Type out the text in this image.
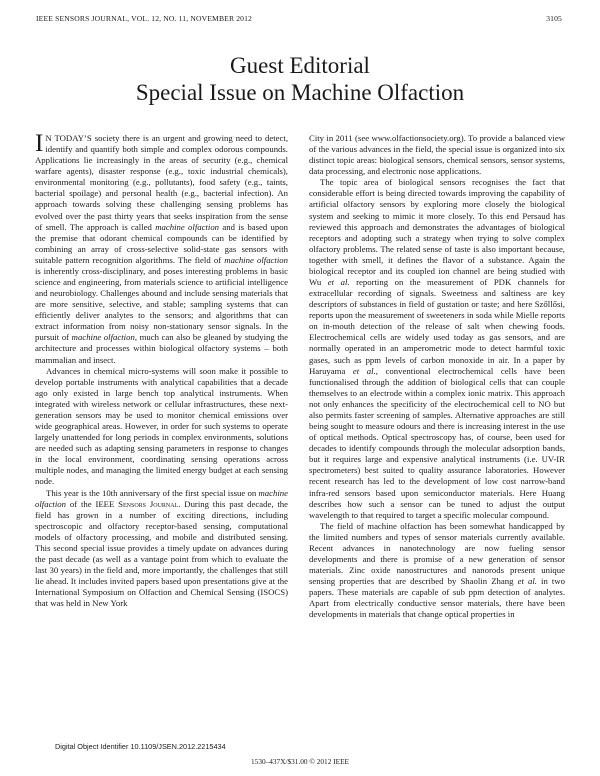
IEEE SENSORS JOURNAL, VOL. 12, NO. 11, NOVEMBER 2012	3105
Guest Editorial
Special Issue on Machine Olfaction

I N TODAY’S society there is an urgent and growing need to detect, identify and quantify both simple and complex odorous compounds. Applications lie increasingly in the areas of security (e.g., chemical warfare agents), disaster response (e.g., toxic industrial chemicals), environmental monitoring (e.g., pollutants), food safety (e.g., taints, bacterial spoilage) and personal health (e.g., bacterial infection). An approach towards solving these challenging sensing problems has evolved over the past thirty years that seeks inspiration from the sense of smell. The approach is called machine olfaction and is based upon the premise that odorant chemical compounds can be identified by combining an array of cross-selective solid-state gas sensors with suitable pattern recognition algorithms. The field of machine olfaction is inherently cross-disciplinary, and poses interesting problems in basic science and engineering, from materials science to artificial intelligence and neurobiology. Challenges abound and include sensing materials that are more sensitive, selective, and stable; sampling systems that can efficiently deliver analytes to the sensors; and algorithms that can extract information from noisy non-stationary sensor signals. In the pursuit of machine olfaction, much can also be gleaned by studying the architecture and processes within biological olfactory systems – both mammalian and insect.

Advances in chemical micro-systems will soon make it possible to develop portable instruments with analytical capabilities that a decade ago only existed in large bench top analytical instruments. When integrated with wireless network or cellular infrastructures, these next-generation sensors may be used to monitor chemical emissions over wide geographical areas. However, in order for such systems to operate largely unattended for long periods in complex environments, solutions are needed such as adapting sensing parameters in response to changes in the local environment, coordinating sensing operations across multiple nodes, and managing the limited energy budget at each sensing node.

This year is the 10th anniversary of the first special issue on machine olfaction of the IEEE Sensors Journal. During this past decade, the field has grown in a number of exciting directions, including spectroscopic and olfactory receptor-based sensing, computational models of olfactory processing, and mobile and distributed sensing. This second special issue provides a timely update on advances during the past decade (as well as a vantage point from which to evaluate the last 30 years) in the field and, more importantly, the challenges that still lie ahead. It includes invited papers based upon presentations give at the International Symposium on Olfaction and Chemical Sensing (ISOCS) that was held in New York

City in 2011 (see www.olfactionsociety.org). To provide a balanced view of the various advances in the field, the special issue is organized into six distinct topic areas: biological sensors, chemical sensors, sensor systems, data processing, and electronic nose applications.

The topic area of biological sensors recognises the fact that considerable effort is being directed towards improving the capability of artificial olfactory sensors by exploring more closely the biological system and seeking to mimic it more closely. To this end Persaud has reviewed this approach and demonstrates the advantages of biological receptors and adopting such a strategy when trying to solve complex olfactory problems. The related sense of taste is also important because, together with smell, it defines the flavor of a substance. Again the biological receptor and its coupled ion channel are being studied with Wu et al. reporting on the measurement of PDK channels for extracellular recording of signals. Sweetness and saltiness are key descriptors of substances in field of gustation or taste; and here Szőllősi, reports upon the measurement of sweeteners in soda while Mielle reports on in-mouth detection of the release of salt when chewing foods. Electrochemical cells are widely used today as gas sensors, and are normally operated in an amperometric mode to detect harmful toxic gases, such as ppm levels of carbon monoxide in air. In a paper by Haruyama et al., conventional electrochemical cells have been functionalised through the addition of biological cells that can couple themselves to an electrode within a complex ionic matrix. This approach not only enhances the specificity of the electrochemical cell to NO but also permits faster screening of samples. Alternative approaches are still being sought to measure odours and there is increasing interest in the use of optical methods. Optical spectroscopy has, of course, been used for decades to identify compounds through the molecular adsorption bands, but it requires large and expensive analytical instruments (i.e. UV-IR spectrometers) best suited to quality assurance laboratories. However recent research has led to the development of low cost narrow-band infra-red sensors based upon semiconductor materials. Here Huang describes how such a sensor can be tuned to adjust the output wavelength to that required to target a specific molecular compound.

The field of machine olfaction has been somewhat handicapped by the limited numbers and types of sensor materials currently available. Recent advances in nanotechnology are now fueling sensor developments and there is promise of a new generation of sensor materials. Zinc oxide nanostructures and nanorods present unique sensing properties that are described by Shaolin Zhang et al. in two papers. These materials are capable of sub ppm detection of analytes. Apart from electrically conductive sensor materials, there have been developments in materials that change optical properties in

Digital Object Identifier 10.1109/JSEN.2012.2215434
1530–437X/$31.00 © 2012 IEEE
